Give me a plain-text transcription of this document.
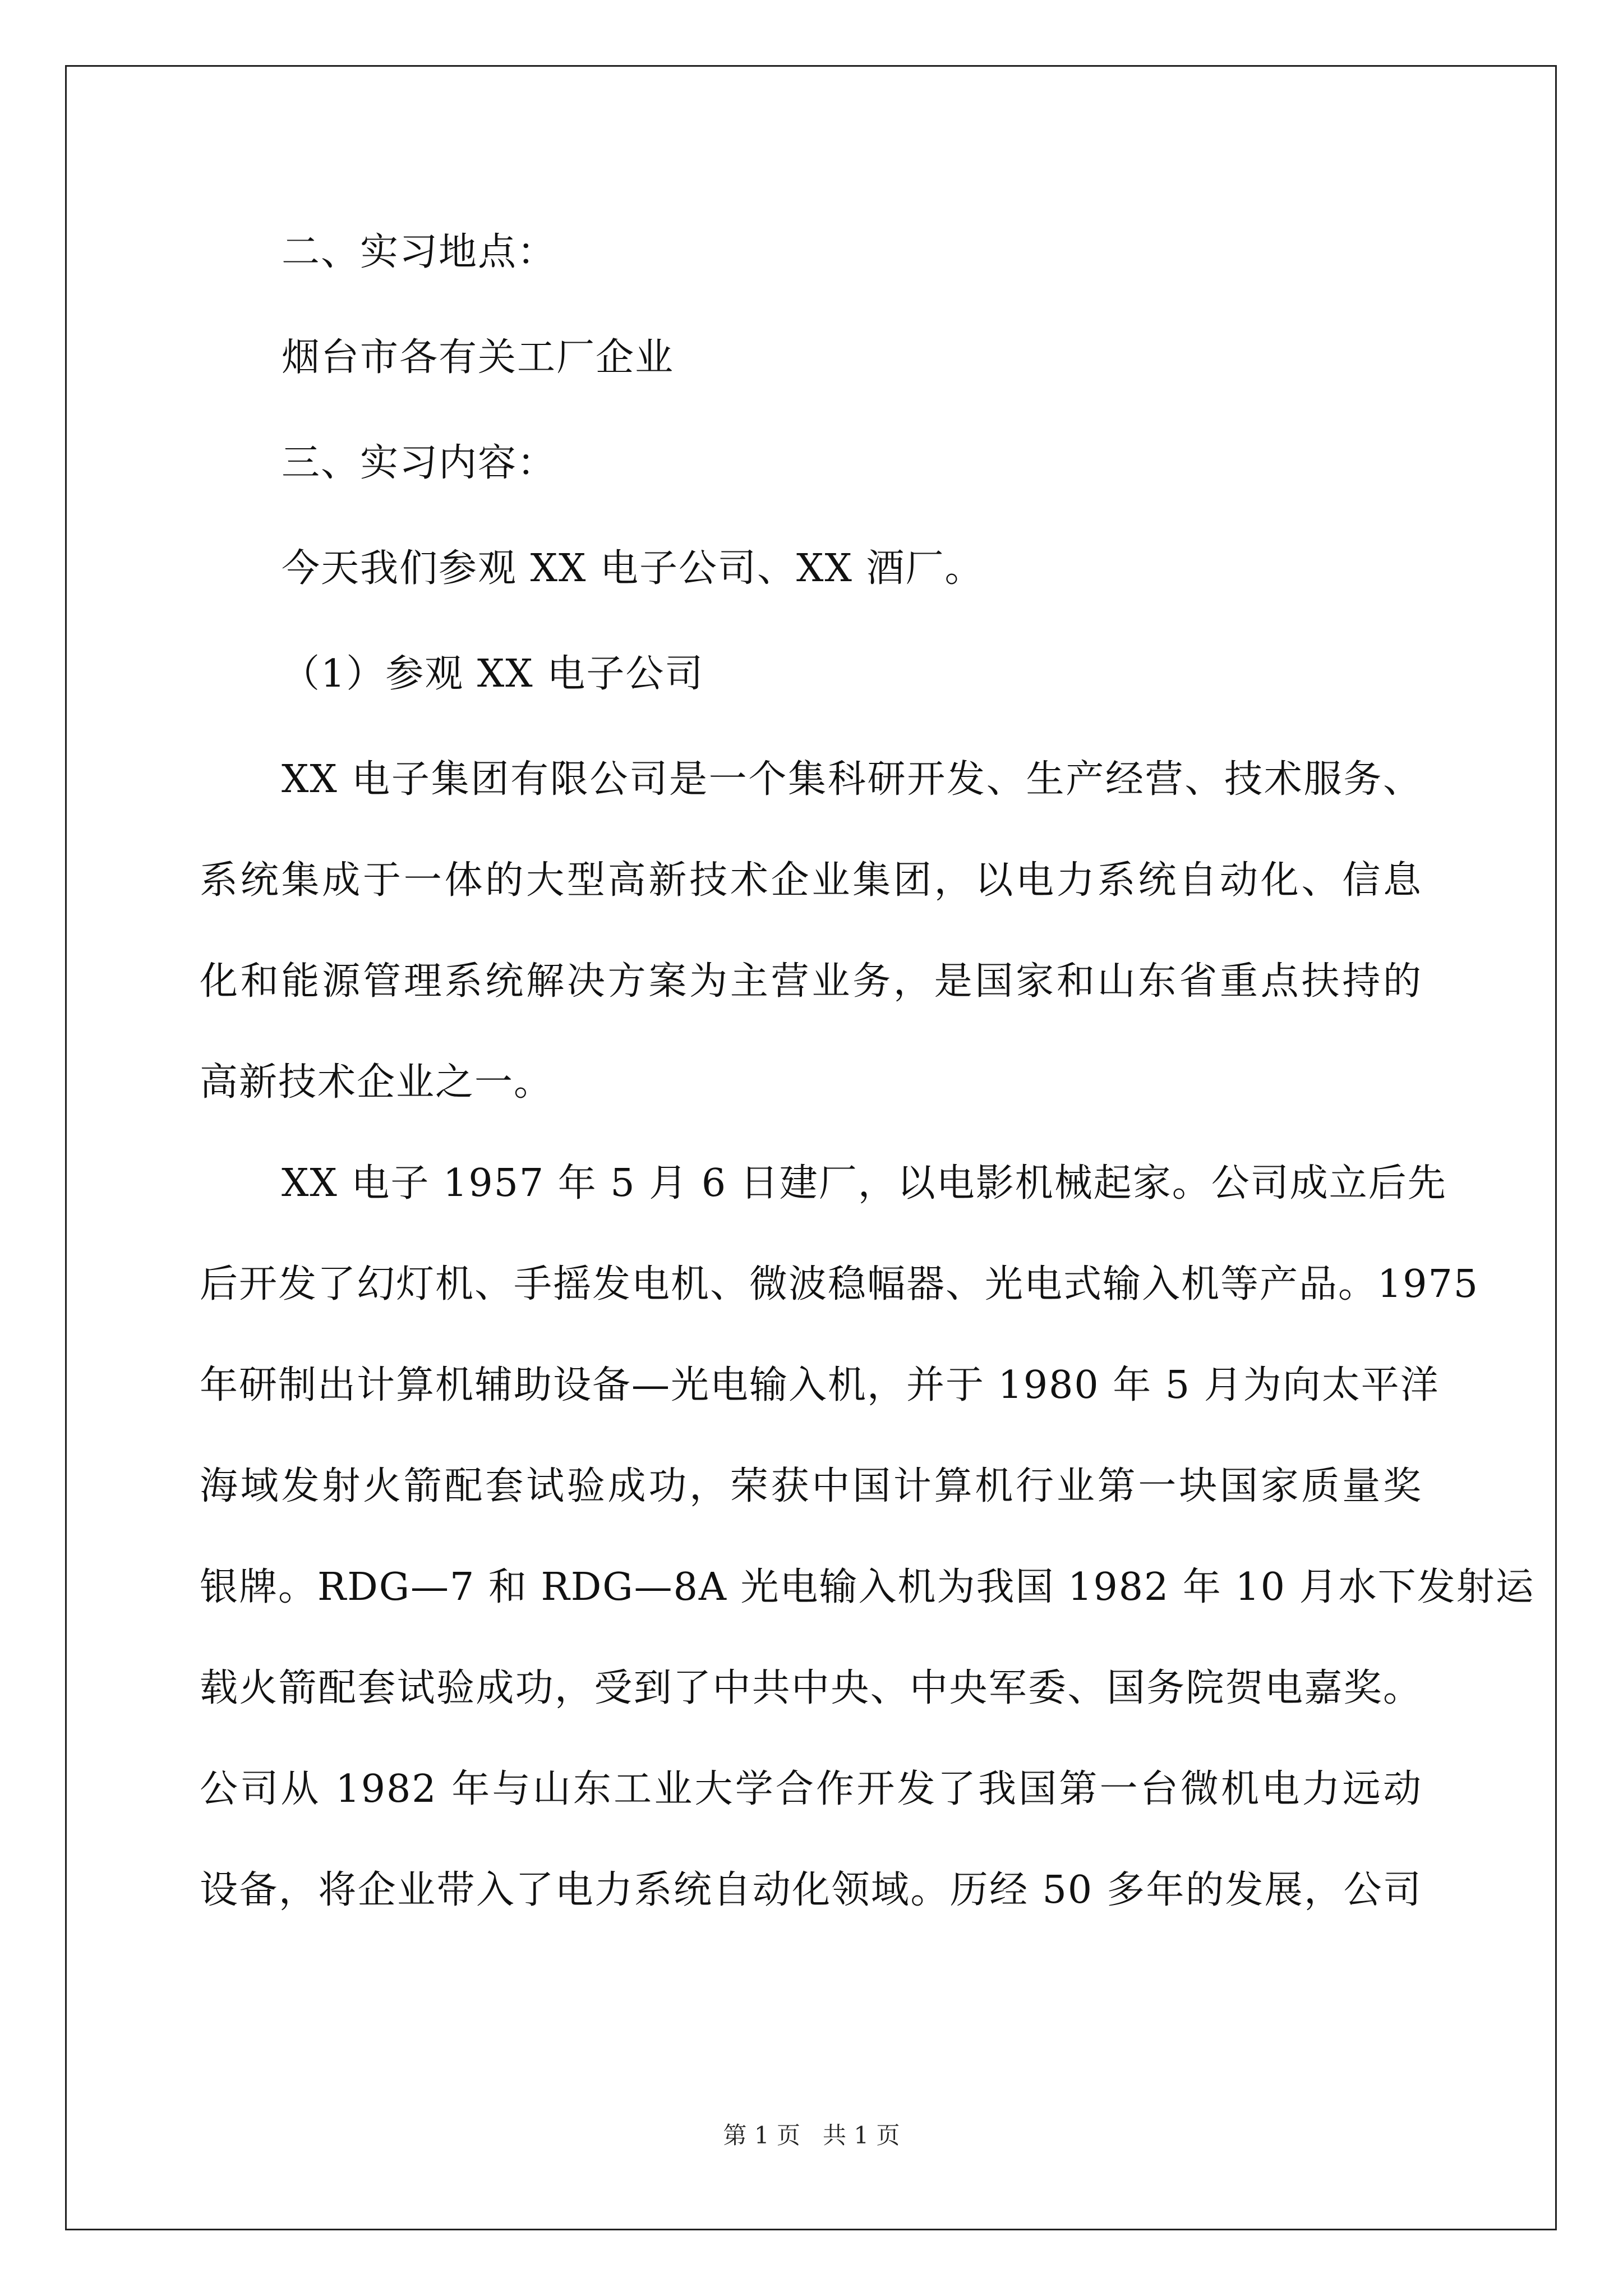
二、实习地点：
烟台市各有关工厂企业
三、实习内容：
今天我们参观 XX 电子公司、XX 酒厂。
（1）参观 XX 电子公司
XX 电子集团有限公司是一个集科研开发、生产经营、技术服务、
系统集成于一体的大型高新技术企业集团，以电力系统自动化、信息
化和能源管理系统解决方案为主营业务，是国家和山东省重点扶持的
高新技术企业之一。
XX 电子 1957 年 5 月 6 日建厂，以电影机械起家。公司成立后先
后开发了幻灯机、手摇发电机、微波稳幅器、光电式输入机等产品。1975
年研制出计算机辅助设备—光电输入机，并于 1980 年 5 月为向太平洋
海域发射火箭配套试验成功，荣获中国计算机行业第一块国家质量奖
银牌。RDG—7 和 RDG—8A 光电输入机为我国 1982 年 10 月水下发射运
载火箭配套试验成功，受到了中共中央、中央军委、国务院贺电嘉奖。
公司从 1982 年与山东工业大学合作开发了我国第一台微机电力远动
设备，将企业带入了电力系统自动化领域。历经 50 多年的发展，公司
第 1 页   共 1 页
